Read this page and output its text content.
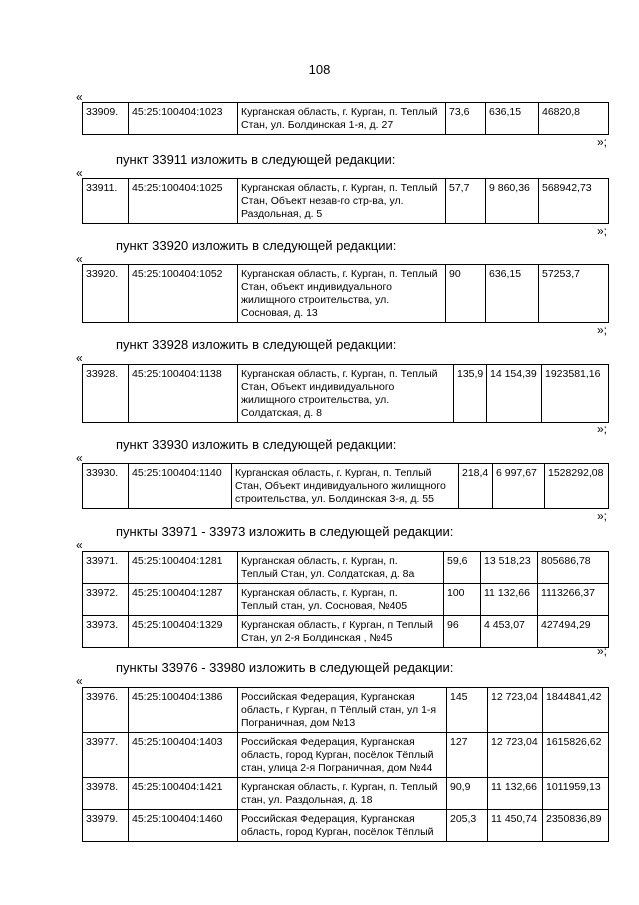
108
«
33909.	45:25:100404:1023	Курганская область, г. Курган, п. Теплый
Стан, ул. Болдинская 1-я, д. 27	73,6	636,15	46820,8
»;
пункт 33911 изложить в следующей редакции:
«
33911.	45:25:100404:1025	Курганская область, г. Курган, п. Теплый
Стан, Объект незав-го стр-ва, ул.
Раздольная, д. 5	57,7	9 860,36	568942,73
»;
пункт 33920 изложить в следующей редакции:
«
33920.	45:25:100404:1052	Курганская область, г. Курган, п. Теплый
Стан, объект индивидуального
жилищного строительства, ул.
Сосновая, д. 13	90	636,15	57253,7
»;
пункт 33928 изложить в следующей редакции:
«
33928.	45:25:100404:1138	Курганская область, г. Курган, п. Теплый
Стан, Объект индивидуального
жилищного строительства, ул.
Солдатская, д. 8	135,9	14 154,39	1923581,16
»;
пункт 33930 изложить в следующей редакции:
«
33930.	45:25:100404:1140	Курганская область, г. Курган, п. Теплый
Стан, Объект индивидуального жилищного
строительства, ул. Болдинская 3-я, д. 55	218,4	6 997,67	1528292,08
»;
пункты 33971 - 33973 изложить в следующей редакции:
«
33971.	45:25:100404:1281	Курганская область, г. Курган, п.
Теплый Стан, ул. Солдатская, д. 8а	59,6	13 518,23	805686,78
33972.	45:25:100404:1287	Курганская область, г. Курган, п.
Теплый стан, ул. Сосновая, №405	100	11 132,66	1113266,37
33973.	45:25:100404:1329	Курганская область, г Курган, п Теплый
Стан, ул 2-я Болдинская , №45	96	4 453,07	427494,29
»;
пункты 33976 - 33980 изложить в следующей редакции:
«
33976.	45:25:100404:1386	Российская Федерация, Курганская
область, г Курган, п Тёплый стан, ул 1-я
Пограничная, дом №13	145	12 723,04	1844841,42
33977.	45:25:100404:1403	Российская Федерация, Курганская
область, город Курган, посёлок Тёплый
стан, улица 2-я Пограничная, дом №44	127	12 723,04	1615826,62
33978.	45:25:100404:1421	Курганская область, г. Курган, п. Теплый
стан, ул. Раздольная, д. 18	90,9	11 132,66	1011959,13
33979.	45:25:100404:1460	Российская Федерация, Курганская
область, город Курган, посёлок Тёплый	205,3	11 450,74	2350836,89
